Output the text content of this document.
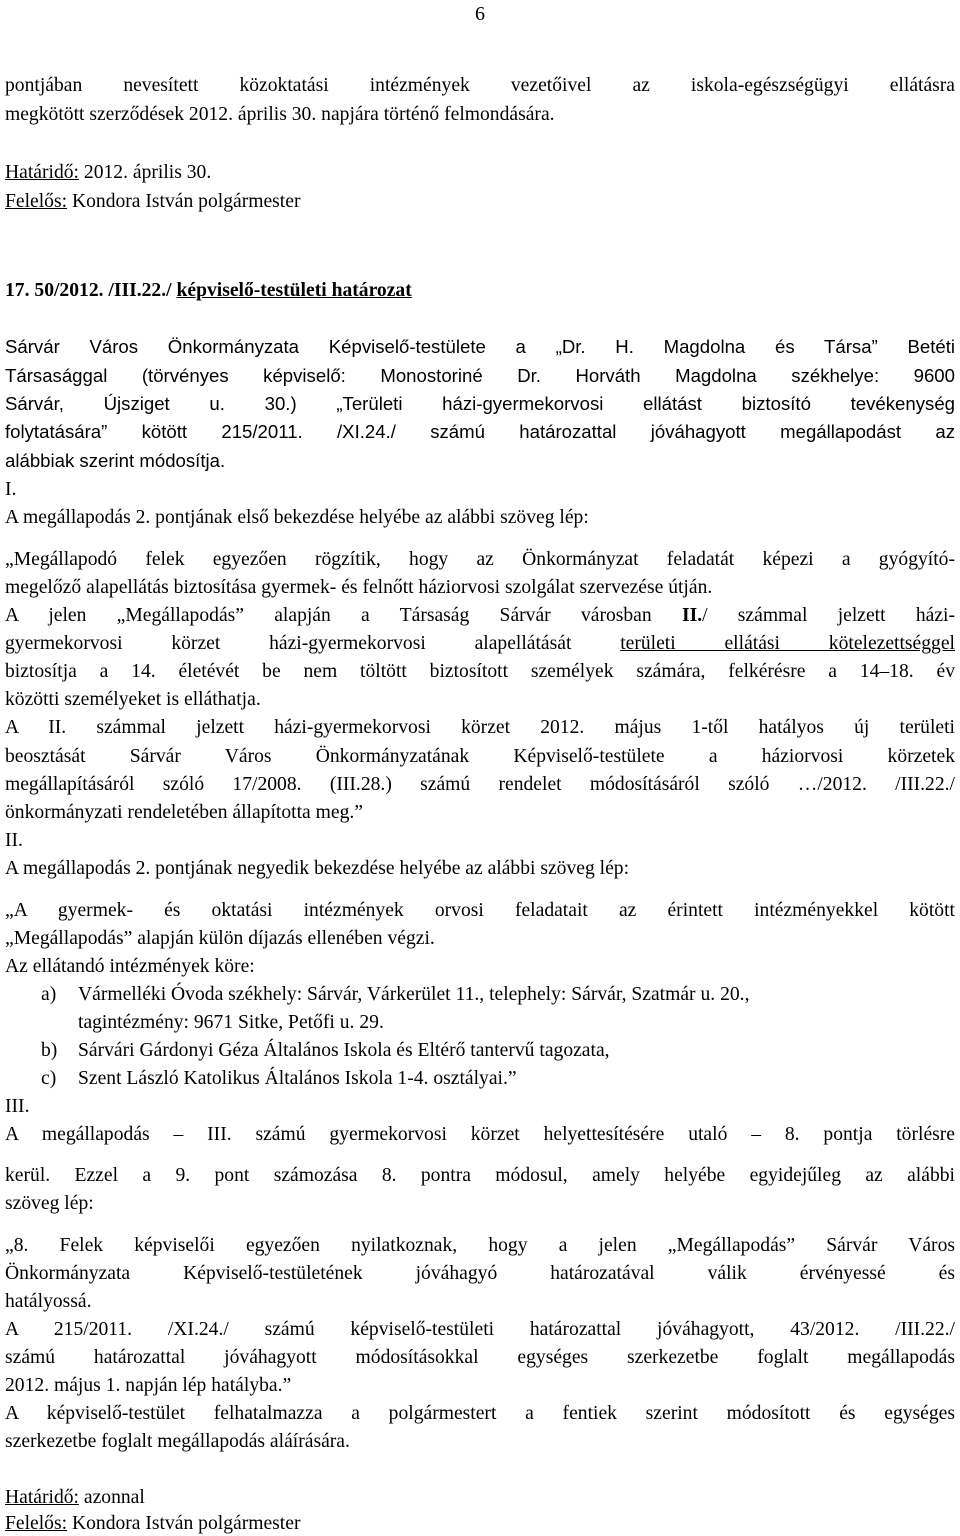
6
pontjában nevesített közoktatási intézmények vezetőivel az iskola-egészségügyi ellátásra
megkötött szerződések 2012. április 30. napjára történő felmondására.
Határidő: 2012. április 30.
Felelős: Kondora István polgármester
17. 50/2012. /III.22./ képviselő-testületi határozat
Sárvár Város Önkormányzata Képviselő-testülete a „Dr. H. Magdolna és Társa” Betéti
Társasággal (törvényes képviselő: Monostoriné Dr. Horváth Magdolna székhelye: 9600
Sárvár, Újsziget u. 30.) „Területi házi-gyermekorvosi ellátást biztosító tevékenység
folytatására” kötött 215/2011. /XI.24./ számú határozattal jóváhagyott megállapodást az
alábbiak szerint módosítja.
I.
A megállapodás 2. pontjának első bekezdése helyébe az alábbi szöveg lép:
„Megállapodó felek egyezően rögzítik, hogy az Önkormányzat feladatát képezi a gyógyító-
megelőző alapellátás biztosítása gyermek- és felnőtt háziorvosi szolgálat szervezése útján.
A jelen „Megállapodás” alapján a Társaság Sárvár városban II./ számmal jelzett házi-
gyermekorvosi körzet házi-gyermekorvosi alapellátását területi ellátási kötelezettséggel
biztosítja a 14. életévét be nem töltött biztosított személyek számára, felkérésre a 14–18. év
közötti személyeket is elláthatja.
A II. számmal jelzett házi-gyermekorvosi körzet 2012. május 1-től hatályos új területi
beosztását Sárvár Város Önkormányzatának Képviselő-testülete a háziorvosi körzetek
megállapításáról szóló 17/2008. (III.28.) számú rendelet módosításáról szóló …/2012. /III.22./
önkormányzati rendeletében állapította meg.”
II.
A megállapodás 2. pontjának negyedik bekezdése helyébe az alábbi szöveg lép:
„A gyermek- és oktatási intézmények orvosi feladatait az érintett intézményekkel kötött
„Megállapodás” alapján külön díjazás ellenében végzi.
Az ellátandó intézmények köre:
a) Vármelléki Óvoda székhely: Sárvár, Várkerület 11., telephely: Sárvár, Szatmár u. 20.,
tagintézmény: 9671 Sitke, Petőfi u. 29.
b) Sárvári Gárdonyi Géza Általános Iskola és Eltérő tantervű tagozata,
c) Szent László Katolikus Általános Iskola 1-4. osztályai.”
III.
A megállapodás – III. számú gyermekorvosi körzet helyettesítésére utaló – 8. pontja törlésre
kerül. Ezzel a 9. pont számozása 8. pontra módosul, amely helyébe egyidejűleg az alábbi
szöveg lép:
„8. Felek képviselői egyezően nyilatkoznak, hogy a jelen „Megállapodás” Sárvár Város
Önkormányzata Képviselő-testületének jóváhagyó határozatával válik érvényessé és
hatályossá.
A 215/2011. /XI.24./ számú képviselő-testületi határozattal jóváhagyott, 43/2012. /III.22./
számú határozattal jóváhagyott módosításokkal egységes szerkezetbe foglalt megállapodás
2012. május 1. napján lép hatályba.”
A képviselő-testület felhatalmazza a polgármestert a fentiek szerint módosított és egységes
szerkezetbe foglalt megállapodás aláírására.
Határidő: azonnal
Felelős: Kondora István polgármester
